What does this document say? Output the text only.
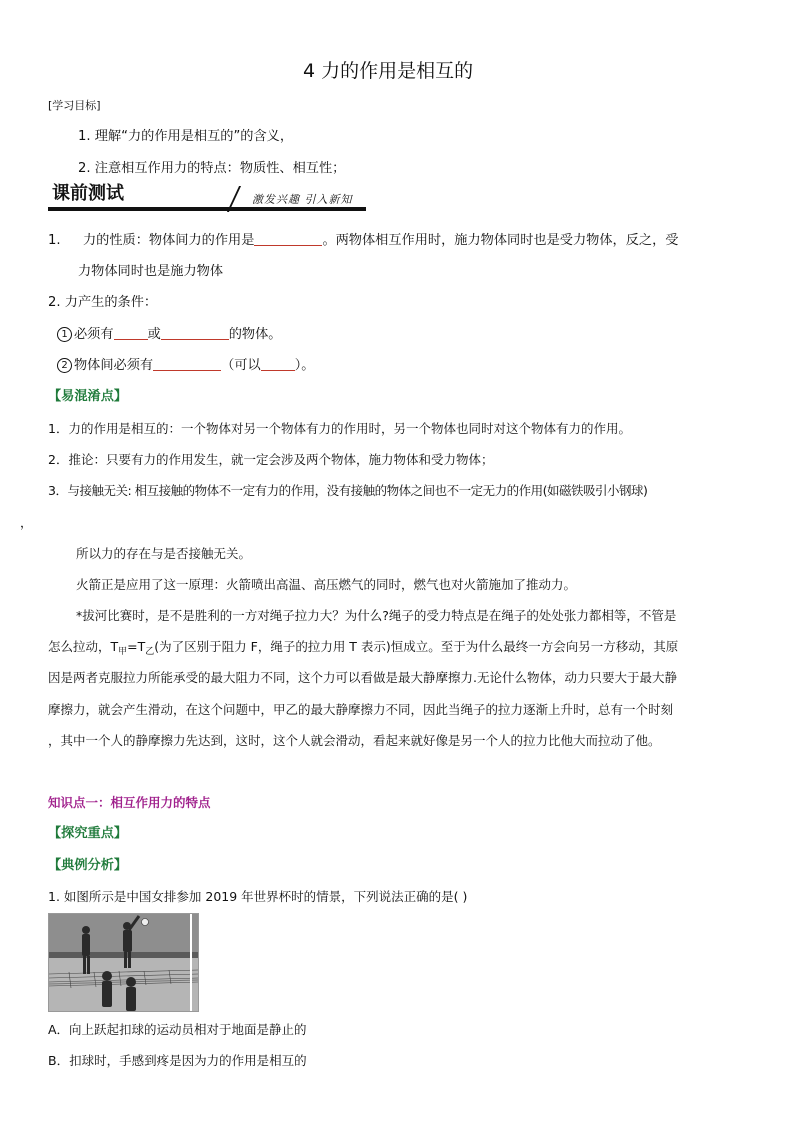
4 力的作用是相互的
[学习目标]
1. 理解“力的作用是相互的”的含义，
2. 注意相互作用力的特点：物质性、相互性；
课前测试	激发兴趣 引入新知
1. 力的性质：物体间力的作用是	。两物体相互作用时，施力物体同时也是受力物体，反之，受
力物体同时也是施力物体
2. 力产生的条件：
1 必须有	或	的物体。
2 物体间必须有	（可以	）。
【易混淆点】
1．力的作用是相互的：一个物体对另一个物体有力的作用时，另一个物体也同时对这个物体有力的作用。
2．推论：只要有力的作用发生，就一定会涉及两个物体，施力物体和受力物体；
3．与接触无关: 相互接触的物体不一定有力的作用，没有接触的物体之间也不一定无力的作用(如磁铁吸引小钢球)
，
所以力的存在与是否接触无关。
火箭正是应用了这一原理：火箭喷出高温、高压燃气的同时，燃气也对火箭施加了推动力。
*拔河比赛时，是不是胜利的一方对绳子拉力大？为什么?绳子的受力特点是在绳子的处处张力都相等，不管是
怎么拉动，$T_甲=T_乙$(为了区别于阻力 F，绳子的拉力用 T 表示)恒成立。至于为什么最终一方会向另一方移动，其原
因是两者克服拉力所能承受的最大阻力不同，这个力可以看做是最大静摩擦力.无论什么物体，动力只要大于最大静
摩擦力，就会产生滑动，在这个问题中，甲乙的最大静摩擦力不同，因此当绳子的拉力逐渐上升时，总有一个时刻
，其中一个人的静摩擦力先达到，这时，这个人就会滑动，看起来就好像是另一个人的拉力比他大而拉动了他。
知识点一：相互作用力的特点
【探究重点】
【典例分析】
1. 如图所示是中国女排参加 2019 年世界杯时的情景，下列说法正确的是( )
A．向上跃起扣球的运动员相对于地面是静止的
B．扣球时，手感到疼是因为力的作用是相互的
